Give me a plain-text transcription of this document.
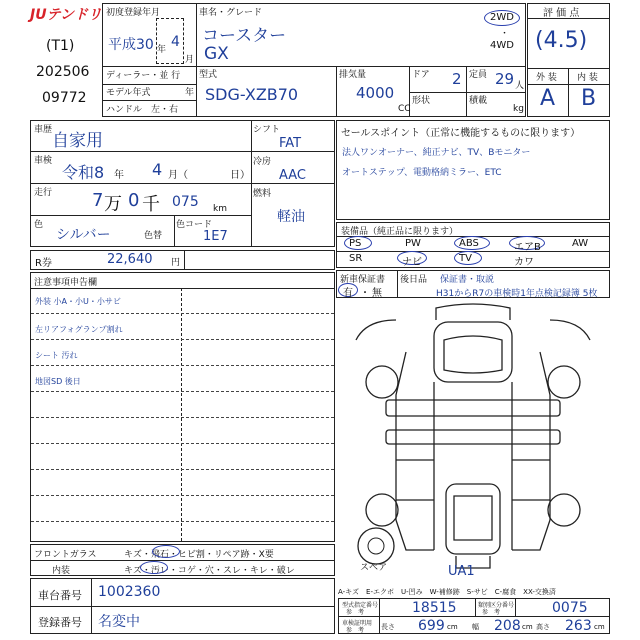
JUテンドリ
(T1)
202506
09772
初度登録年月
平成30 年 4
月
車名・グレード
コースター
GX
2WD
・
4WD
ディーラー・並 行
モデル年式	年
ハンドル　左・右
型式
SDG-XZB70
排気量
4000
CC
ドア 2
形状
定員 29 人
積載
kg
評 価 点
(4.5)
外 装 内 装
A B
車歴
自家用
車検
令和8 年 4 月（	日）
走行 7 万 0 千 075 km
色
シルバー	色替
色コード
1E7
シフト
FAT
冷房
AAC
燃料
軽油
セールスポイント（正常に機能するものに限ります）
法人ワンオーナー、純正ナビ、TV、Bモニター
オートステップ、電動格納ミラー、ETC
装備品（純正品に限ります）
PS	PW	ABS	エアB	AW
SR	ナビ	TV	カワ
R券	22,640 円
新車保証書
有 ・ 無
後日品 保証書・取説
H31からR7の車検時1年点検記録簿 5枚
注意事項申告欄
外装 小A・小U・小サビ
左リアフォグランプ割れ
シート 汚れ
地図SD 後日
スペア	UA1
フロントガラス	キズ・飛石・ヒビ割・リペア跡・X要
内装	キズ・汚レ・コゲ・穴・スレ・キレ・破レ
車台番号 1002360
登録番号 名変中
A-キズ　E-エクボ　U-凹み　W-補修跡　S-サビ　C-腐食　XX-交換済
型式指定番号
参　考	18515	類別区分番号
参　考	0075
車検証明用
参　考 長さ 699 cm 幅 208 cm 高さ 263 cm
